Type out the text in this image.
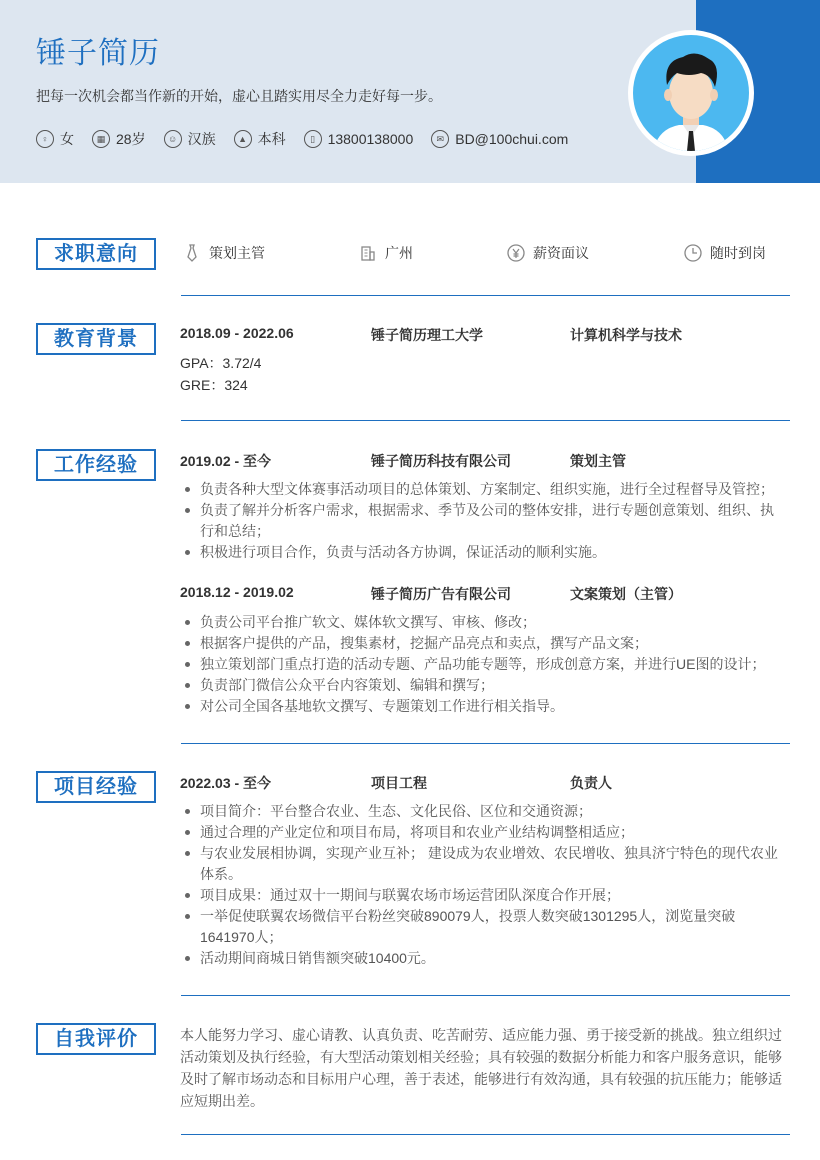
锤子简历
把每一次机会都当作新的开始，虚心且踏实用尽全力走好每一步。
♀ 女	▦ 28岁	☺ 汉族	▲ 本科	▯ 13800138000	✉ BD@100chui.com
求职意向	策划主管	广州	薪资面议	随时到岗
教育背景	2018.09 - 2022.06	锤子简历理工大学	计算机科学与技术
GPA：3.72/4
GRE：324
工作经验	2019.02 - 至今	锤子简历科技有限公司	策划主管
负责各种大型文体赛事活动项目的总体策划、方案制定、组织实施，进行全过程督导及管控；
负责了解并分析客户需求，根据需求、季节及公司的整体安排，进行专题创意策划、组织、执行和总结；
积极进行项目合作，负责与活动各方协调，保证活动的顺利实施。
2018.12 - 2019.02	锤子简历广告有限公司	文案策划（主管）
负责公司平台推广软文、媒体软文撰写、审核、修改；
根据客户提供的产品，搜集素材，挖掘产品亮点和卖点，撰写产品文案；
独立策划部门重点打造的活动专题、产品功能专题等，形成创意方案，并进行UE图的设计；
负责部门微信公众平台内容策划、编辑和撰写；
对公司全国各基地软文撰写、专题策划工作进行相关指导。
项目经验	2022.03 - 至今	项目工程	负责人
项目简介：平台整合农业、生态、文化民俗、区位和交通资源；
通过合理的产业定位和项目布局，将项目和农业产业结构调整相适应；
与农业发展相协调，实现产业互补； 建设成为农业增效、农民增收、独具济宁特色的现代农业体系。
项目成果：通过双十一期间与联翼农场市场运营团队深度合作开展；
一举促使联翼农场微信平台粉丝突破890079人，投票人数突破1301295人，浏览量突破1641970人；
活动期间商城日销售额突破10400元。
自我评价	本人能努力学习、虚心请教、认真负责、吃苦耐劳、适应能力强、勇于接受新的挑战。独立组织过活动策划及执行经验，有大型活动策划相关经验；具有较强的数据分析能力和客户服务意识，能够及时了解市场动态和目标用户心理，善于表述，能够进行有效沟通，具有较强的抗压能力；能够适应短期出差。
